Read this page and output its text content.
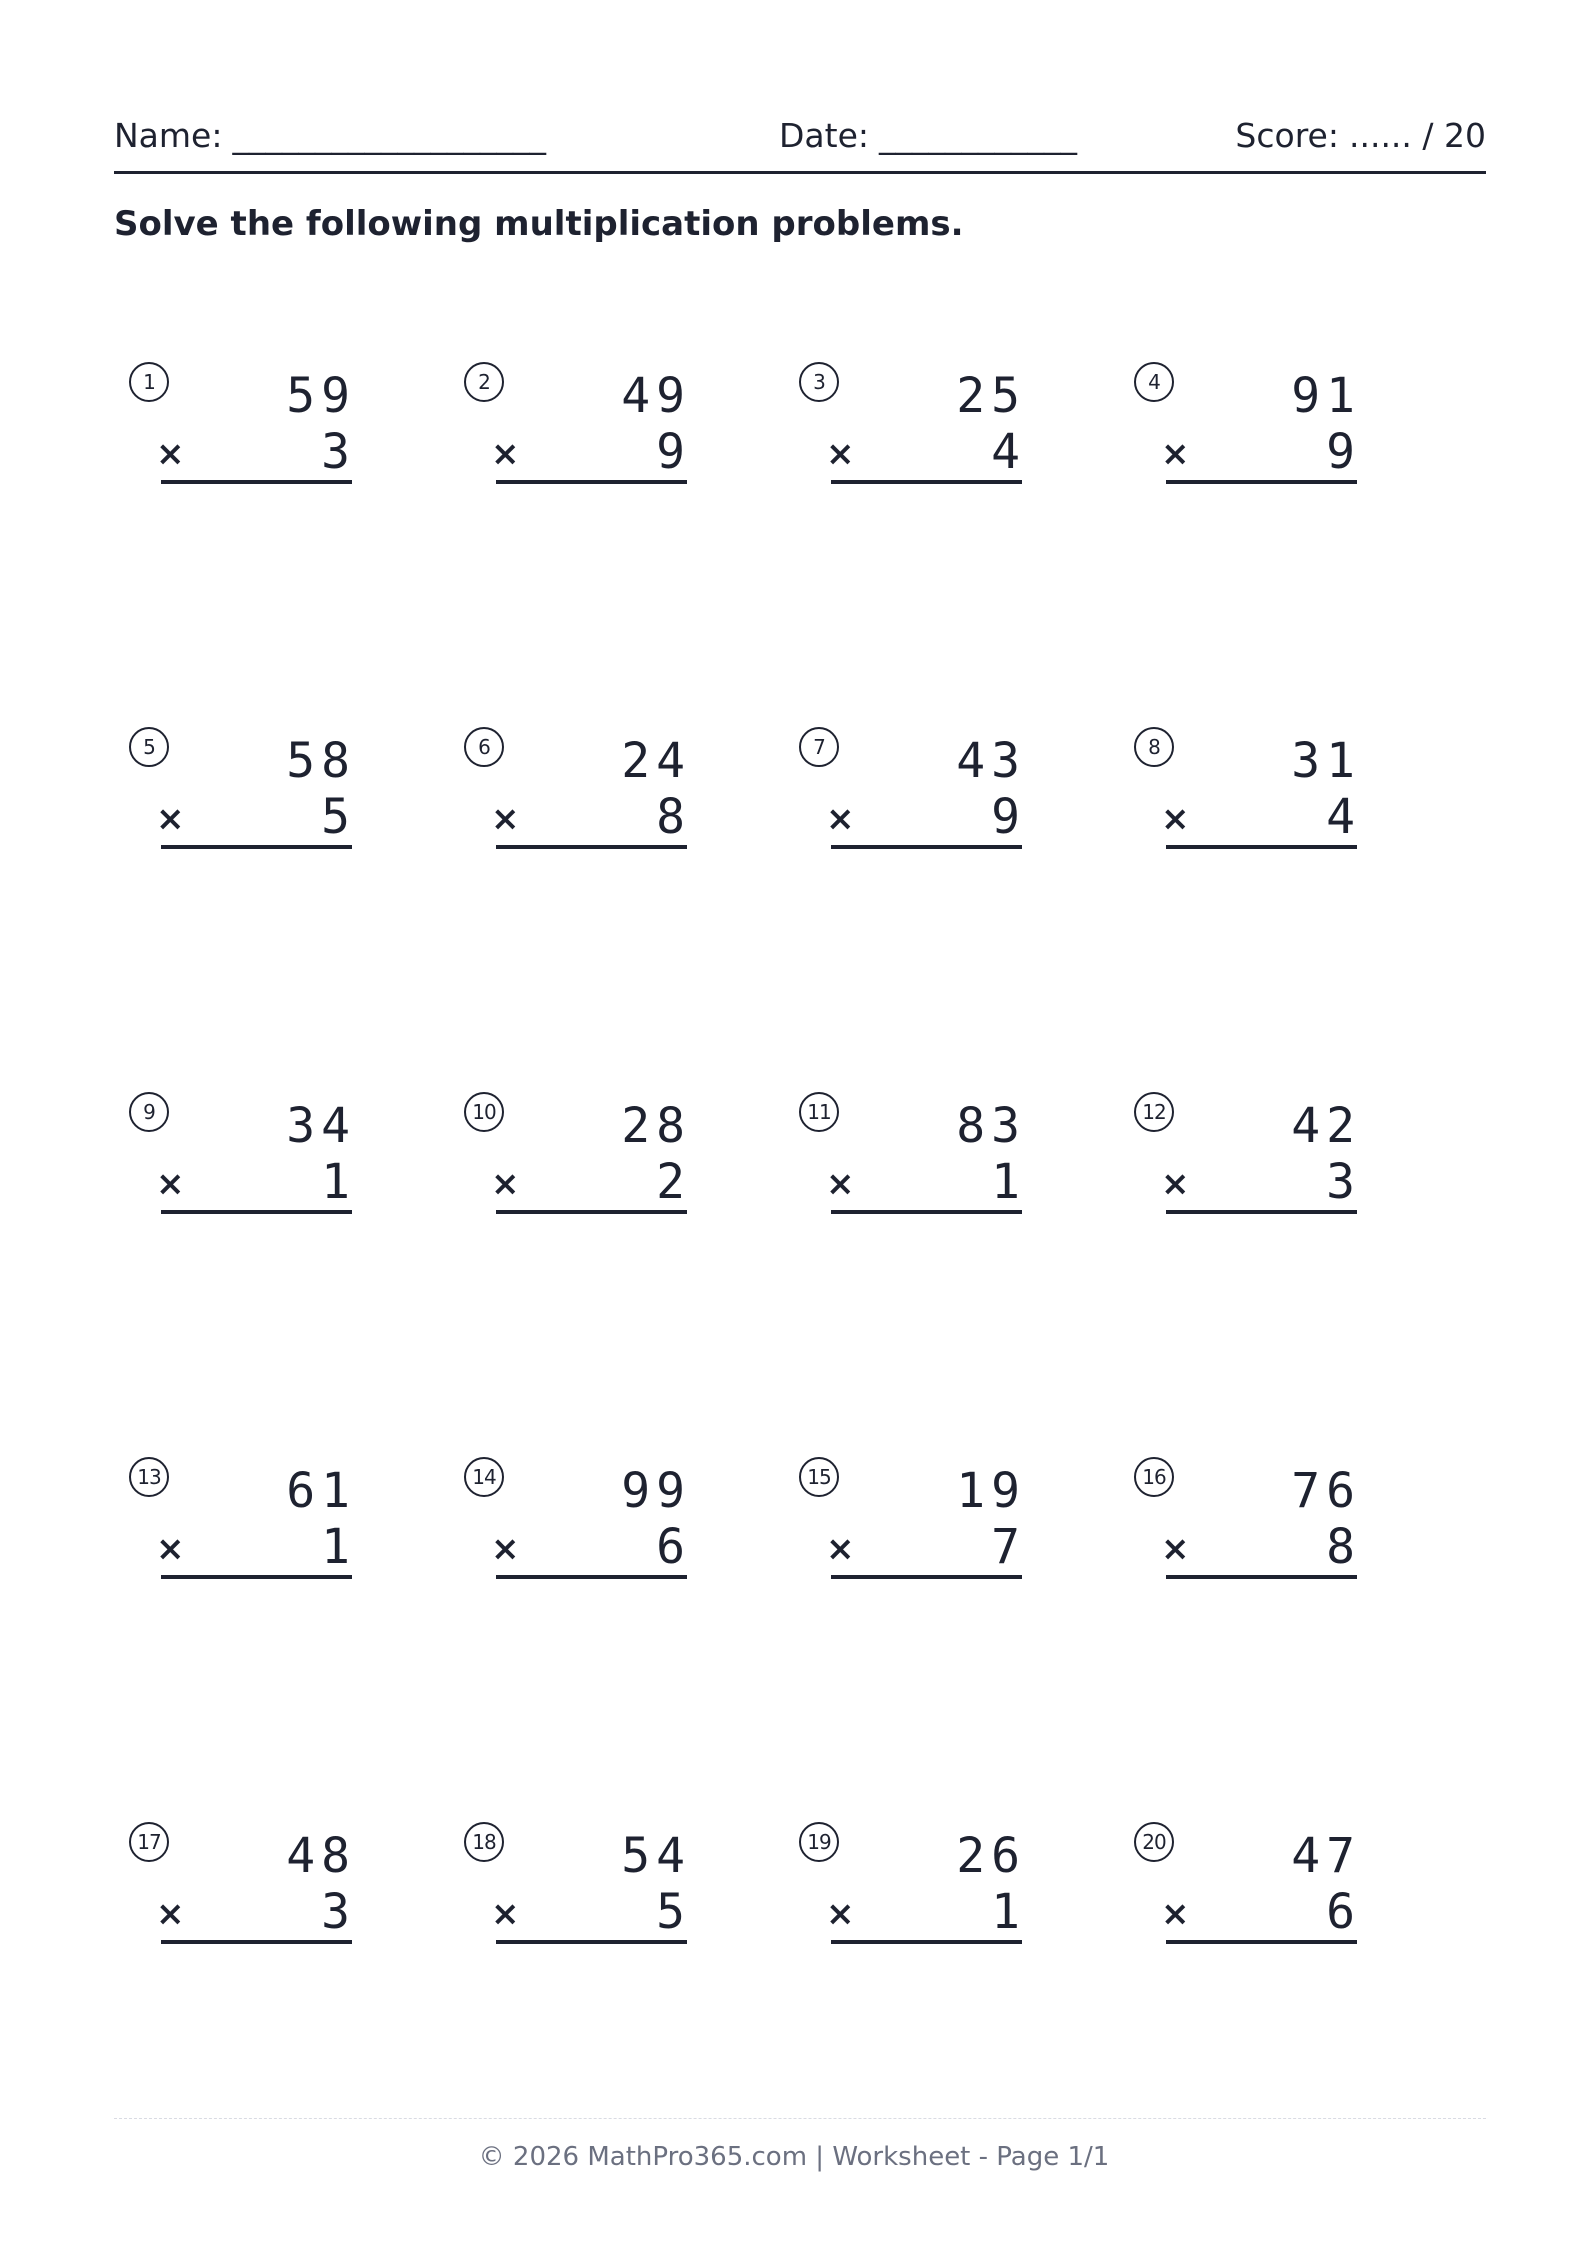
Name: ___________________	Date: ____________	Score: ...... / 20
Solve the following multiplication problems.
1	59
×	3
2	49
×	9
3	25
×	4
4	91
×	9
5	58
×	5
6	24
×	8
7	43
×	9
8	31
×	4
9	34
×	1
10	28
×	2
11	83
×	1
12	42
×	3
13	61
×	1
14	99
×	6
15	19
×	7
16	76
×	8
17	48
×	3
18	54
×	5
19	26
×	1
20	47
×	6
© 2026 MathPro365.com | Worksheet - Page 1/1
